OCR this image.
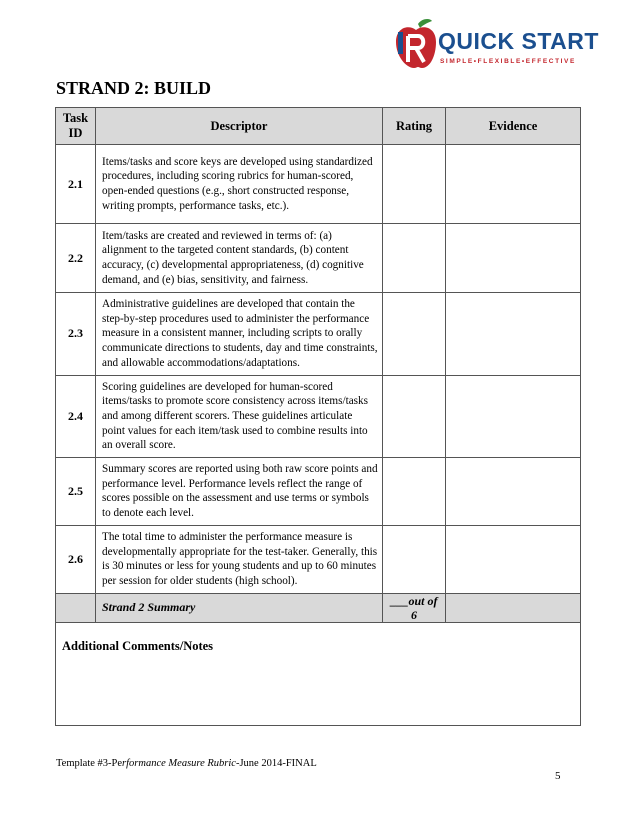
QUICK START
SIMPLE•FLEXIBLE•EFFECTIVE
STRAND 2: BUILD
Task ID	Descriptor	Rating	Evidence
2.1	Items/tasks and score keys are developed using standardized procedures, including scoring rubrics for human-scored, open-ended questions (e.g., short constructed response, writing prompts, performance tasks, etc.).		
2.2	Item/tasks are created and reviewed in terms of: (a) alignment to the targeted content standards, (b) content accuracy, (c) developmental appropriateness, (d) cognitive demand, and (e) bias, sensitivity, and fairness.		
2.3	Administrative guidelines are developed that contain the step-by-step procedures used to administer the performance measure in a consistent manner, including scripts to orally communicate directions to students, day and time constraints, and allowable accommodations/adaptations.		
2.4	Scoring guidelines are developed for human-scored items/tasks to promote score consistency across items/tasks and among different scorers. These guidelines articulate point values for each item/task used to combine results into an overall score.		
2.5	Summary scores are reported using both raw score points and performance level. Performance levels reflect the range of scores possible on the assessment and use terms or symbols to denote each level.		
2.6	The total time to administer the performance measure is developmentally appropriate for the test-taker. Generally, this is 30 minutes or less for young students and up to 60 minutes per session for older students (high school).		
	Strand 2 Summary	___out of
6	

Additional Comments/Notes			
Template #3-Performance Measure Rubric-June 2014-FINAL
5
